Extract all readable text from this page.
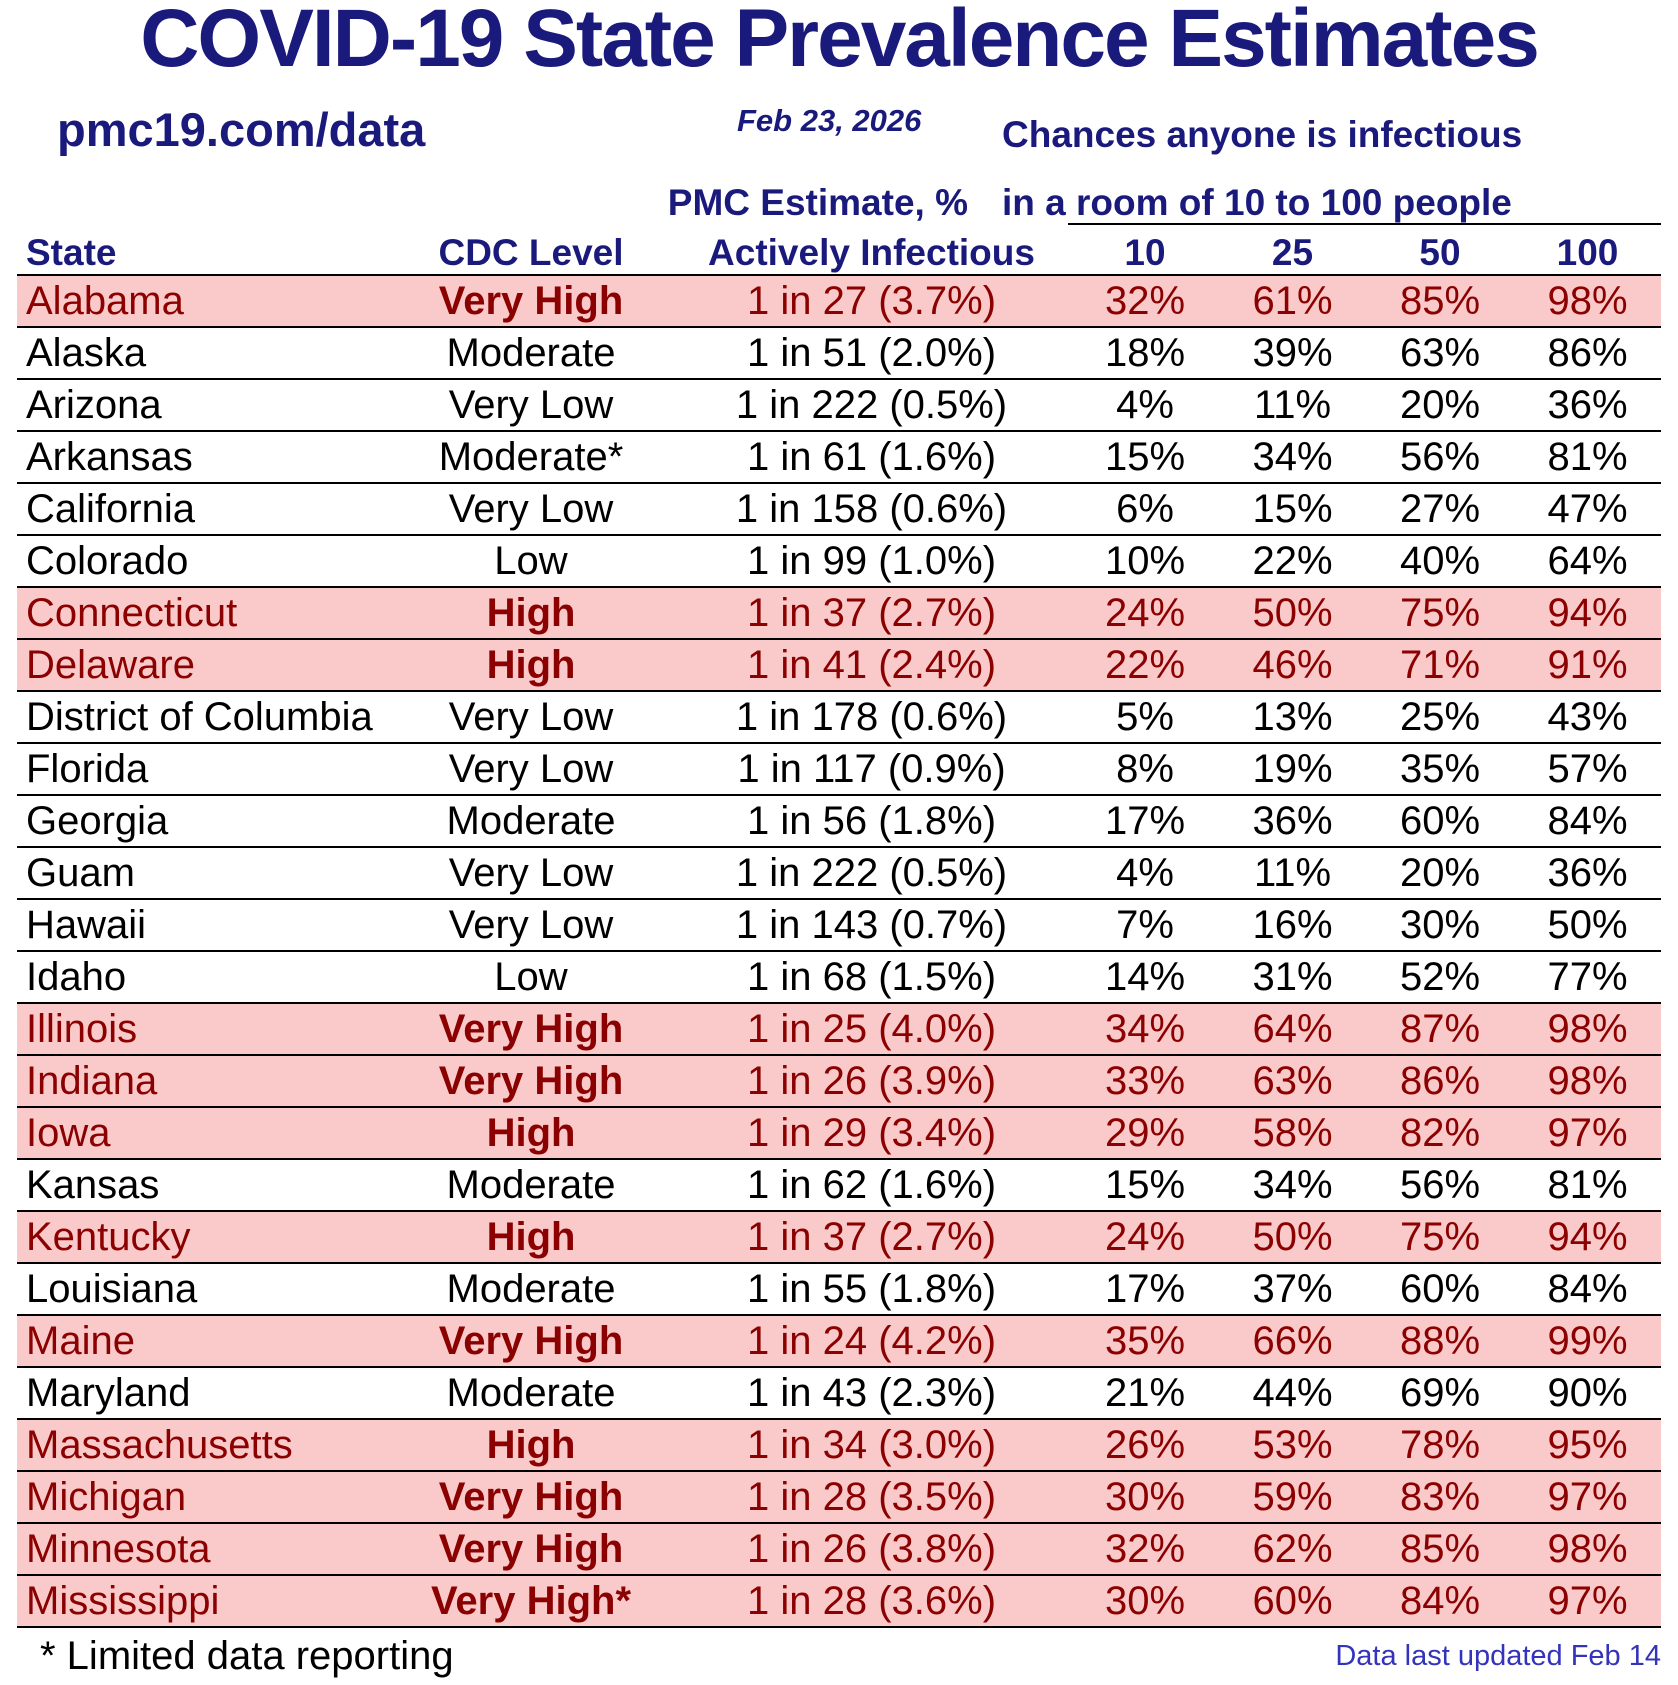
COVID-19 State Prevalence Estimates
pmc19.com/data	Feb 23, 2026 Chances anyone is infectious
in a room of 10 to 100 people
PMC Estimate, %
State	CDC Level	Actively Infectious	10	25	50	100
Alabama	Very High	1 in 27 (3.7%)	32%	61%	85%	98%
Alaska	Moderate	1 in 51 (2.0%)	18%	39%	63%	86%
Arizona	Very Low	1 in 222 (0.5%)	4%	11%	20%	36%
Arkansas	Moderate*	1 in 61 (1.6%)	15%	34%	56%	81%
California	Very Low	1 in 158 (0.6%)	6%	15%	27%	47%
Colorado	Low	1 in 99 (1.0%)	10%	22%	40%	64%
Connecticut	High	1 in 37 (2.7%)	24%	50%	75%	94%
Delaware	High	1 in 41 (2.4%)	22%	46%	71%	91%
District of Columbia	Very Low	1 in 178 (0.6%)	5%	13%	25%	43%
Florida	Very Low	1 in 117 (0.9%)	8%	19%	35%	57%
Georgia	Moderate	1 in 56 (1.8%)	17%	36%	60%	84%
Guam	Very Low	1 in 222 (0.5%)	4%	11%	20%	36%
Hawaii	Very Low	1 in 143 (0.7%)	7%	16%	30%	50%
Idaho	Low	1 in 68 (1.5%)	14%	31%	52%	77%
Illinois	Very High	1 in 25 (4.0%)	34%	64%	87%	98%
Indiana	Very High	1 in 26 (3.9%)	33%	63%	86%	98%
Iowa	High	1 in 29 (3.4%)	29%	58%	82%	97%
Kansas	Moderate	1 in 62 (1.6%)	15%	34%	56%	81%
Kentucky	High	1 in 37 (2.7%)	24%	50%	75%	94%
Louisiana	Moderate	1 in 55 (1.8%)	17%	37%	60%	84%
Maine	Very High	1 in 24 (4.2%)	35%	66%	88%	99%
Maryland	Moderate	1 in 43 (2.3%)	21%	44%	69%	90%
Massachusetts	High	1 in 34 (3.0%)	26%	53%	78%	95%
Michigan	Very High	1 in 28 (3.5%)	30%	59%	83%	97%
Minnesota	Very High	1 in 26 (3.8%)	32%	62%	85%	98%
Mississippi	Very High*	1 in 28 (3.6%)	30%	60%	84%	97%
* Limited data reporting	Data last updated Feb 14
